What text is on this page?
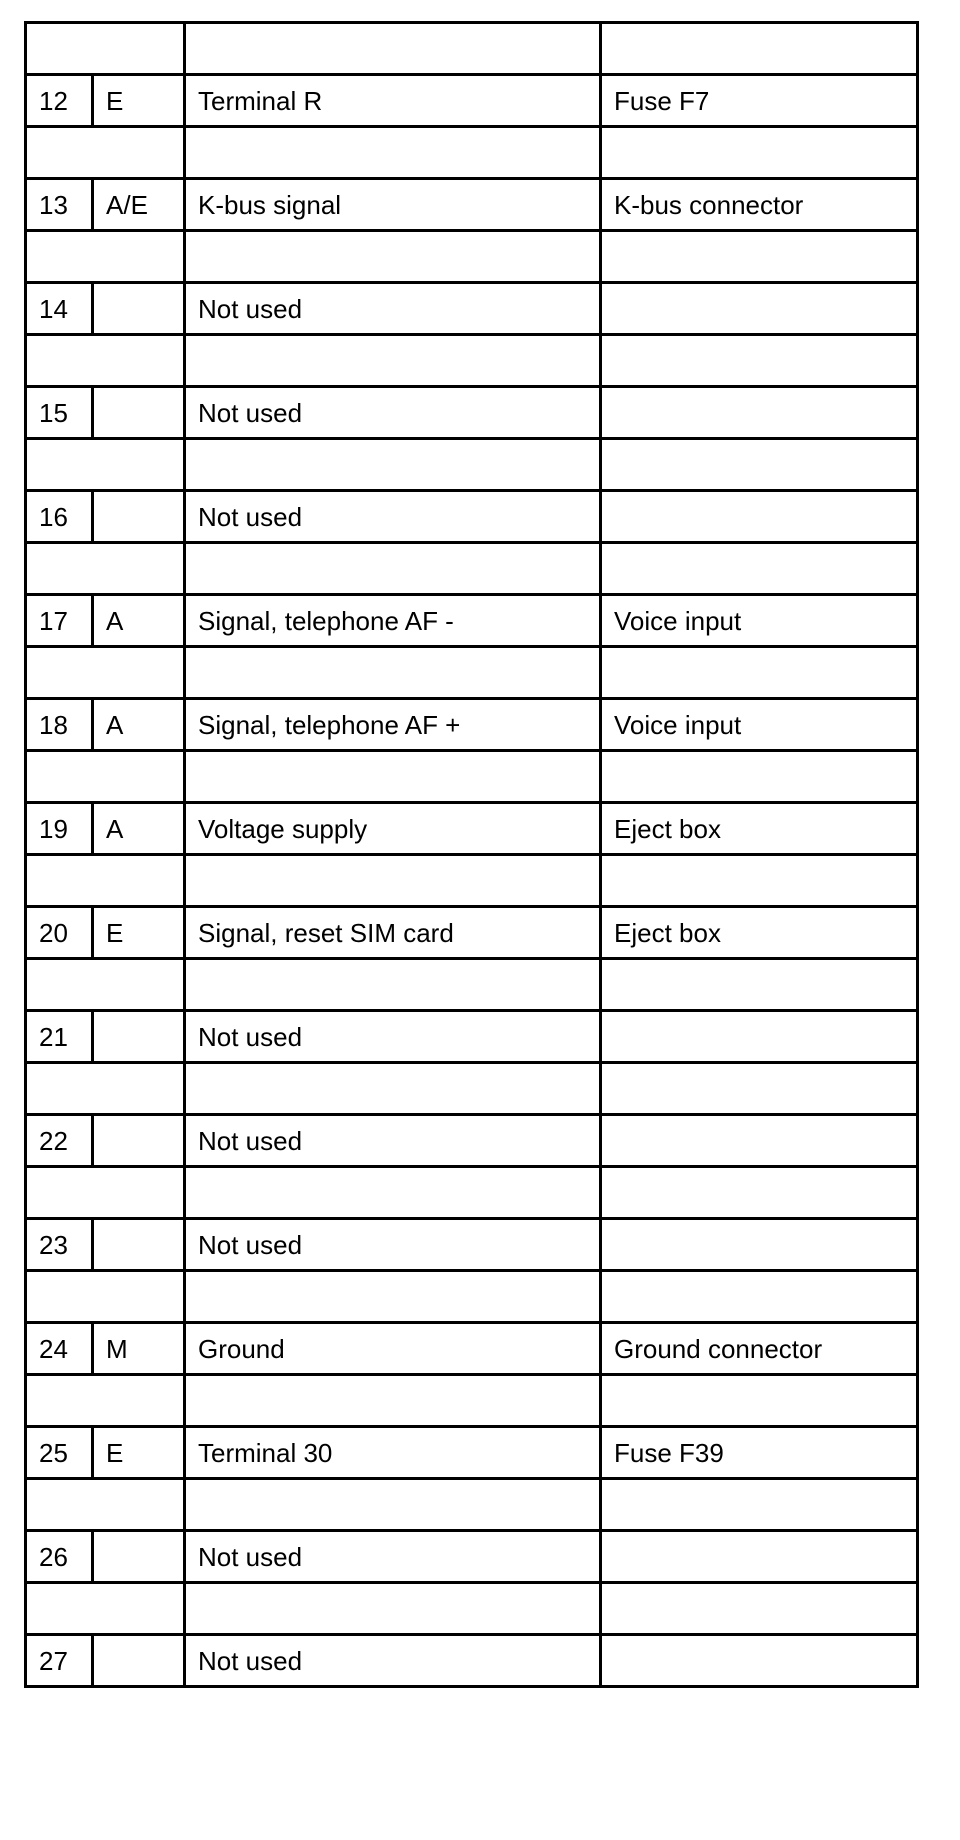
12	E	Terminal R	Fuse F7

13	A/E	K-bus signal	K-bus connector

14		Not used	

15		Not used	

16		Not used	

17	A	Signal, telephone AF -	Voice input

18	A	Signal, telephone AF +	Voice input

19	A	Voltage supply	Eject box

20	E	Signal, reset SIM card	Eject box

21		Not used	

22		Not used	

23		Not used	

24	M	Ground	Ground connector

25	E	Terminal 30	Fuse F39

26		Not used	

27		Not used	
